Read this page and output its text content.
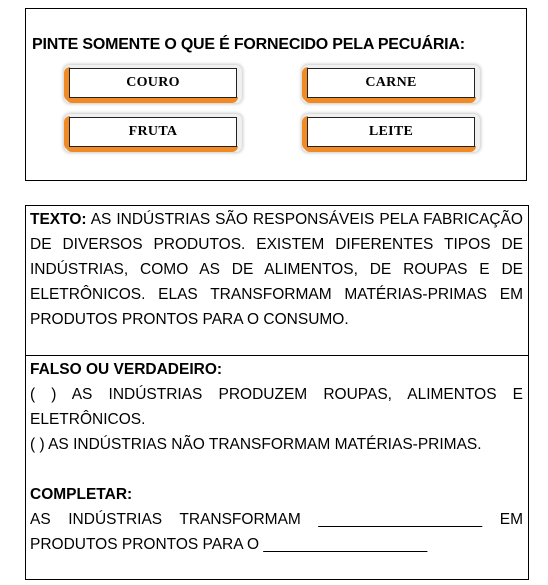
PINTE SOMENTE O QUE É FORNECIDO PELA PECUÁRIA:
COURO	CARNE
FRUTA	LEITE
TEXTO: AS INDÚSTRIAS SÃO RESPONSÁVEIS PELA FABRICAÇÃO
DE DIVERSOS PRODUTOS. EXISTEM DIFERENTES TIPOS DE
INDÚSTRIAS, COMO AS DE ALIMENTOS, DE ROUPAS E DE
ELETRÔNICOS. ELAS TRANSFORMAM MATÉRIAS-PRIMAS EM
PRODUTOS PRONTOS PARA O CONSUMO.
FALSO OU VERDADEIRO:
( ) AS INDÚSTRIAS PRODUZEM ROUPAS, ALIMENTOS E
ELETRÔNICOS.
( ) AS INDÚSTRIAS NÃO TRANSFORMAM MATÉRIAS-PRIMAS.
COMPLETAR:
AS INDÚSTRIAS TRANSFORMAM ___________________ EM
PRODUTOS PRONTOS PARA O ___________________
